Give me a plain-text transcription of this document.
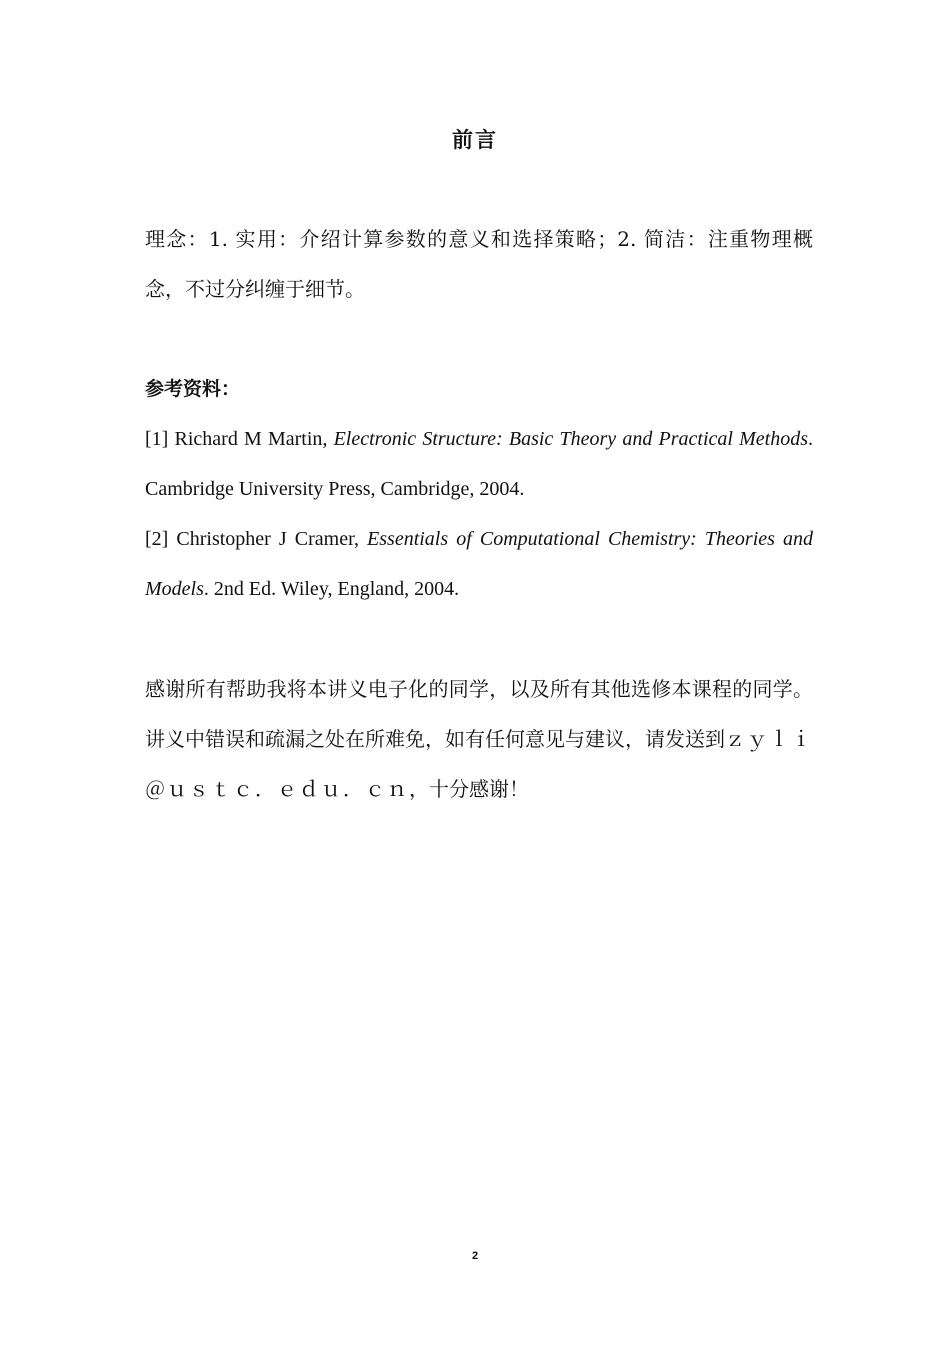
前言
理念：1. 实用：介绍计算参数的意义和选择策略；2. 简洁：注重物理概念，不过分纠缠于细节。
参考资料：
[1] Richard M Martin, Electronic Structure: Basic Theory and Practical Methods. Cambridge University Press, Cambridge, 2004.
[2] Christopher J Cramer, Essentials of Computational Chemistry: Theories and Models. 2nd Ed. Wiley, England, 2004.
感谢所有帮助我将本讲义电子化的同学，以及所有其他选修本课程的同学。讲义中错误和疏漏之处在所难免，如有任何意见与建议，请发送到ｚｙｌｉ＠ｕｓｔｃ．ｅｄｕ．ｃｎ，十分感谢！
2
